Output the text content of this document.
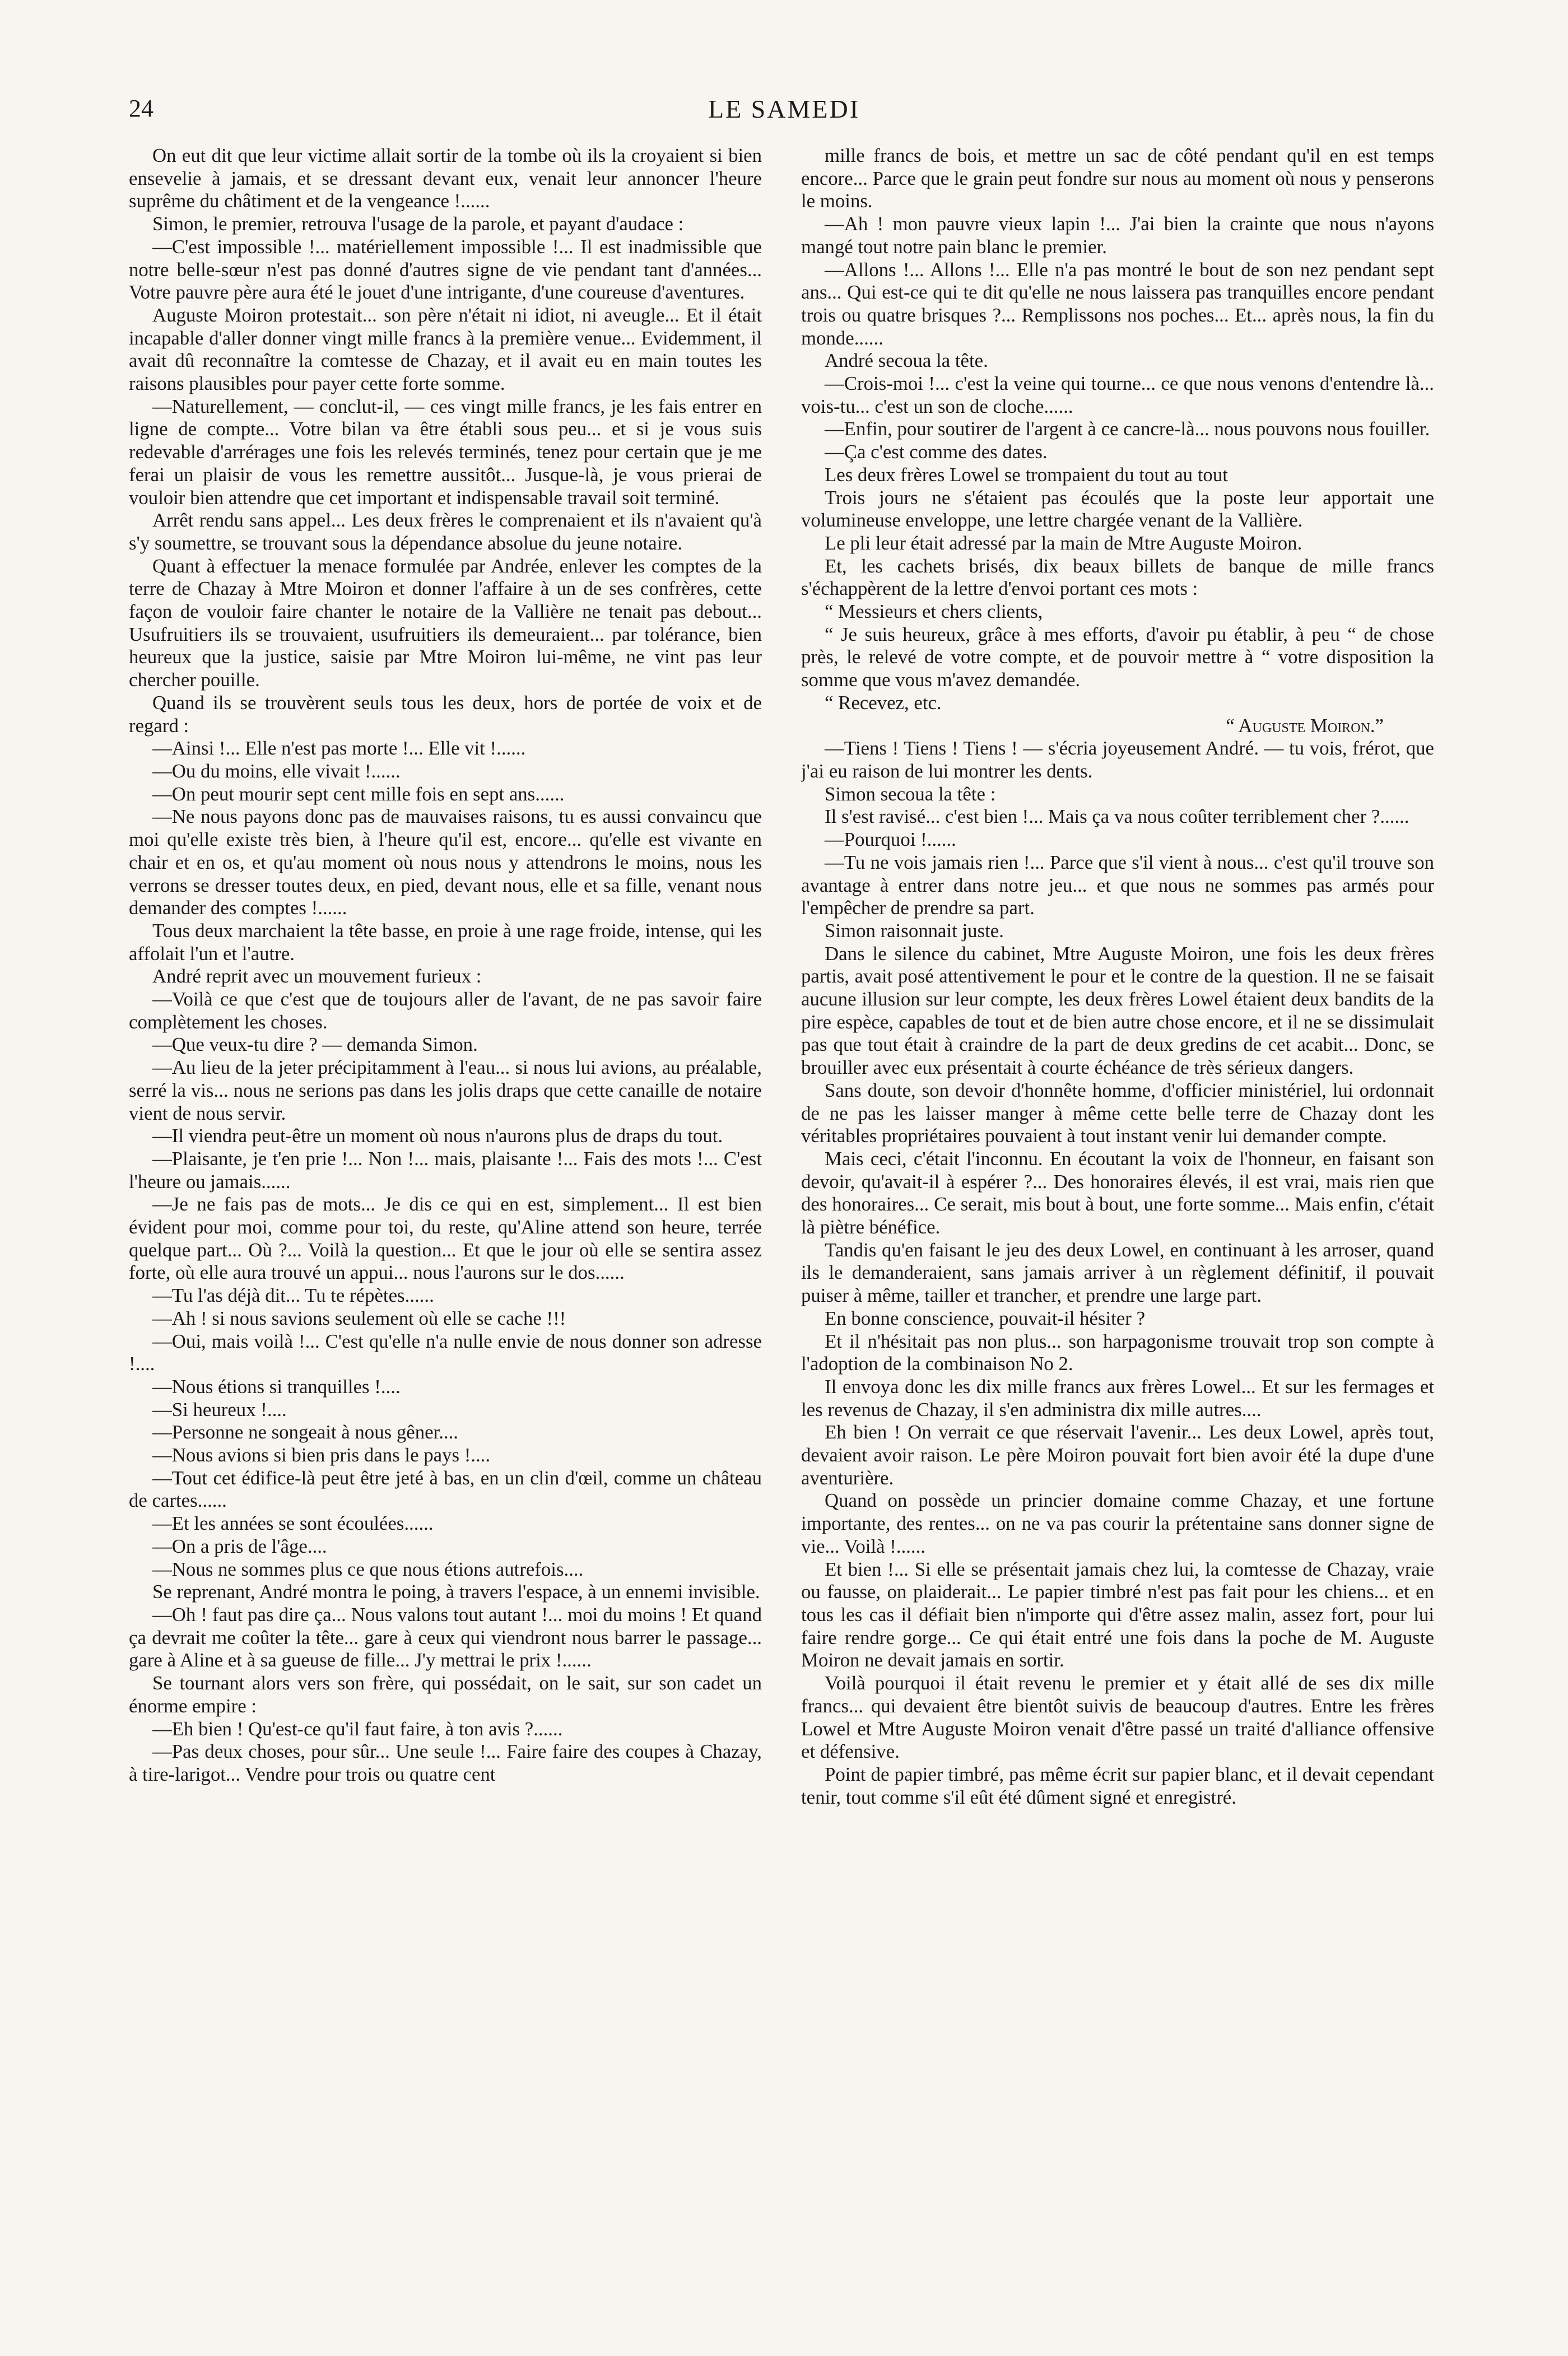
24	LE SAMEDI

On eut dit que leur victime allait sortir de la tombe où ils la croyaient si bien ensevelie à jamais, et se dressant devant eux, venait leur annoncer l'heure suprême du châtiment et de la vengeance !......

Simon, le premier, retrouva l'usage de la parole, et payant d'audace :

—C'est impossible !... matériellement impossible !... Il est inadmissible que notre belle-sœur n'est pas donné d'autres signe de vie pendant tant d'années... Votre pauvre père aura été le jouet d'une intrigante, d'une coureuse d'aventures.

Auguste Moiron protestait... son père n'était ni idiot, ni aveugle... Et il était incapable d'aller donner vingt mille francs à la première venue... Evidemment, il avait dû reconnaître la comtesse de Chazay, et il avait eu en main toutes les raisons plausibles pour payer cette forte somme.

—Naturellement, — conclut-il, — ces vingt mille francs, je les fais entrer en ligne de compte... Votre bilan va être établi sous peu... et si je vous suis redevable d'arrérages une fois les relevés terminés, tenez pour certain que je me ferai un plaisir de vous les remettre aussitôt... Jusque-là, je vous prierai de vouloir bien attendre que cet important et indispensable travail soit terminé.

Arrêt rendu sans appel... Les deux frères le comprenaient et ils n'avaient qu'à s'y soumettre, se trouvant sous la dépendance absolue du jeune notaire.

Quant à effectuer la menace formulée par Andrée, enlever les comptes de la terre de Chazay à Mtre Moiron et donner l'affaire à un de ses confrères, cette façon de vouloir faire chanter le notaire de la Vallière ne tenait pas debout... Usufruitiers ils se trouvaient, usufruitiers ils demeuraient... par tolérance, bien heureux que la justice, saisie par Mtre Moiron lui-même, ne vint pas leur chercher pouille.

Quand ils se trouvèrent seuls tous les deux, hors de portée de voix et de regard :

—Ainsi !... Elle n'est pas morte !... Elle vit !......

—Ou du moins, elle vivait !......

—On peut mourir sept cent mille fois en sept ans......

—Ne nous payons donc pas de mauvaises raisons, tu es aussi convaincu que moi qu'elle existe très bien, à l'heure qu'il est, encore... qu'elle est vivante en chair et en os, et qu'au moment où nous nous y attendrons le moins, nous les verrons se dresser toutes deux, en pied, devant nous, elle et sa fille, venant nous demander des comptes !......

Tous deux marchaient la tête basse, en proie à une rage froide, intense, qui les affolait l'un et l'autre.

André reprit avec un mouvement furieux :

—Voilà ce que c'est que de toujours aller de l'avant, de ne pas savoir faire complètement les choses.

—Que veux-tu dire ? — demanda Simon.

—Au lieu de la jeter précipitamment à l'eau... si nous lui avions, au préalable, serré la vis... nous ne serions pas dans les jolis draps que cette canaille de notaire vient de nous servir.

—Il viendra peut-être un moment où nous n'aurons plus de draps du tout.

—Plaisante, je t'en prie !... Non !... mais, plaisante !... Fais des mots !... C'est l'heure ou jamais......

—Je ne fais pas de mots... Je dis ce qui en est, simplement... Il est bien évident pour moi, comme pour toi, du reste, qu'Aline attend son heure, terrée quelque part... Où ?... Voilà la question... Et que le jour où elle se sentira assez forte, où elle aura trouvé un appui... nous l'aurons sur le dos......

—Tu l'as déjà dit... Tu te répètes......

—Ah ! si nous savions seulement où elle se cache !!!

—Oui, mais voilà !... C'est qu'elle n'a nulle envie de nous donner son adresse !....

—Nous étions si tranquilles !....

—Si heureux !....

—Personne ne songeait à nous gêner....

—Nous avions si bien pris dans le pays !....

—Tout cet édifice-là peut être jeté à bas, en un clin d'œil, comme un château de cartes......

—Et les années se sont écoulées......

—On a pris de l'âge....

—Nous ne sommes plus ce que nous étions autrefois....

Se reprenant, André montra le poing, à travers l'espace, à un ennemi invisible.

—Oh ! faut pas dire ça... Nous valons tout autant !... moi du moins ! Et quand ça devrait me coûter la tête... gare à ceux qui viendront nous barrer le passage... gare à Aline et à sa gueuse de fille... J'y mettrai le prix !......

Se tournant alors vers son frère, qui possédait, on le sait, sur son cadet un énorme empire :

—Eh bien ! Qu'est-ce qu'il faut faire, à ton avis ?......

—Pas deux choses, pour sûr... Une seule !... Faire faire des coupes à Chazay, à tire-larigot... Vendre pour trois ou quatre cent

mille francs de bois, et mettre un sac de côté pendant qu'il en est temps encore... Parce que le grain peut fondre sur nous au moment où nous y penserons le moins.

—Ah ! mon pauvre vieux lapin !... J'ai bien la crainte que nous n'ayons mangé tout notre pain blanc le premier.

—Allons !... Allons !... Elle n'a pas montré le bout de son nez pendant sept ans... Qui est-ce qui te dit qu'elle ne nous laissera pas tranquilles encore pendant trois ou quatre brisques ?... Remplissons nos poches... Et... après nous, la fin du monde......

André secoua la tête.

—Crois-moi !... c'est la veine qui tourne... ce que nous venons d'entendre là... vois-tu... c'est un son de cloche......

—Enfin, pour soutirer de l'argent à ce cancre-là... nous pouvons nous fouiller.

—Ça c'est comme des dates.

Les deux frères Lowel se trompaient du tout au tout

Trois jours ne s'étaient pas écoulés que la poste leur apportait une volumineuse enveloppe, une lettre chargée venant de la Vallière.

Le pli leur était adressé par la main de Mtre Auguste Moiron.

Et, les cachets brisés, dix beaux billets de banque de mille francs s'échappèrent de la lettre d'envoi portant ces mots :

“ Messieurs et chers clients,

“ Je suis heureux, grâce à mes efforts, d'avoir pu établir, à peu “ de chose près, le relevé de votre compte, et de pouvoir mettre à “ votre disposition la somme que vous m'avez demandée.

“ Recevez, etc.

“ Auguste Moiron.”

—Tiens ! Tiens ! Tiens ! — s'écria joyeusement André. — tu vois, frérot, que j'ai eu raison de lui montrer les dents.

Simon secoua la tête :

Il s'est ravisé... c'est bien !... Mais ça va nous coûter terriblement cher ?......

—Pourquoi !......

—Tu ne vois jamais rien !... Parce que s'il vient à nous... c'est qu'il trouve son avantage à entrer dans notre jeu... et que nous ne sommes pas armés pour l'empêcher de prendre sa part.

Simon raisonnait juste.

Dans le silence du cabinet, Mtre Auguste Moiron, une fois les deux frères partis, avait posé attentivement le pour et le contre de la question. Il ne se faisait aucune illusion sur leur compte, les deux frères Lowel étaient deux bandits de la pire espèce, capables de tout et de bien autre chose encore, et il ne se dissimulait pas que tout était à craindre de la part de deux gredins de cet acabit... Donc, se brouiller avec eux présentait à courte échéance de très sérieux dangers.

Sans doute, son devoir d'honnête homme, d'officier ministériel, lui ordonnait de ne pas les laisser manger à même cette belle terre de Chazay dont les véritables propriétaires pouvaient à tout instant venir lui demander compte.

Mais ceci, c'était l'inconnu. En écoutant la voix de l'honneur, en faisant son devoir, qu'avait-il à espérer ?... Des honoraires élevés, il est vrai, mais rien que des honoraires... Ce serait, mis bout à bout, une forte somme... Mais enfin, c'était là piètre bénéfice.

Tandis qu'en faisant le jeu des deux Lowel, en continuant à les arroser, quand ils le demanderaient, sans jamais arriver à un règlement définitif, il pouvait puiser à même, tailler et trancher, et prendre une large part.

En bonne conscience, pouvait-il hésiter ?

Et il n'hésitait pas non plus... son harpagonisme trouvait trop son compte à l'adoption de la combinaison No 2.

Il envoya donc les dix mille francs aux frères Lowel... Et sur les fermages et les revenus de Chazay, il s'en administra dix mille autres....

Eh bien ! On verrait ce que réservait l'avenir... Les deux Lowel, après tout, devaient avoir raison. Le père Moiron pouvait fort bien avoir été la dupe d'une aventurière.

Quand on possède un princier domaine comme Chazay, et une fortune importante, des rentes... on ne va pas courir la prétentaine sans donner signe de vie... Voilà !......

Et bien !... Si elle se présentait jamais chez lui, la comtesse de Chazay, vraie ou fausse, on plaiderait... Le papier timbré n'est pas fait pour les chiens... et en tous les cas il défiait bien n'importe qui d'être assez malin, assez fort, pour lui faire rendre gorge... Ce qui était entré une fois dans la poche de M. Auguste Moiron ne devait jamais en sortir.

Voilà pourquoi il était revenu le premier et y était allé de ses dix mille francs... qui devaient être bientôt suivis de beaucoup d'autres. Entre les frères Lowel et Mtre Auguste Moiron venait d'être passé un traité d'alliance offensive et défensive.

Point de papier timbré, pas même écrit sur papier blanc, et il devait cependant tenir, tout comme s'il eût été dûment signé et enregistré.
